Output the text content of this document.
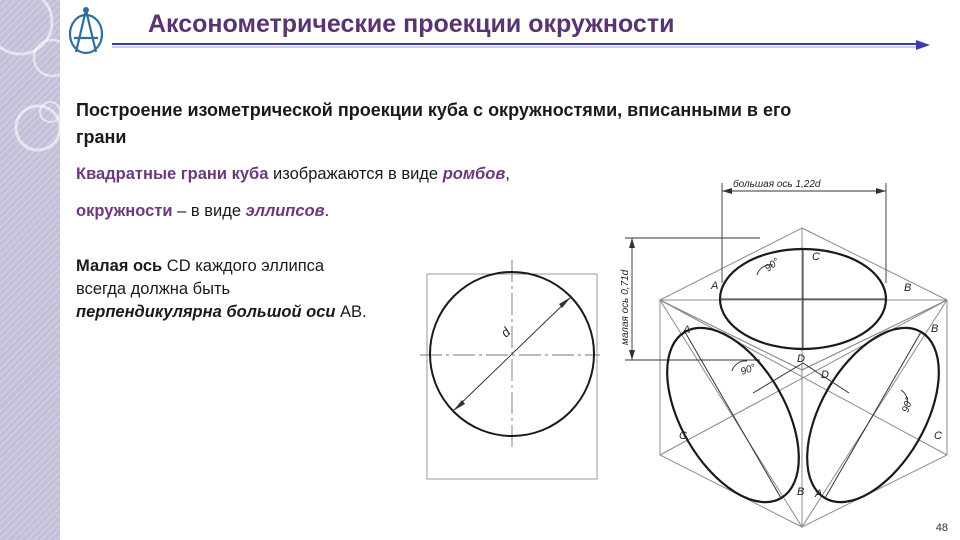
Аксонометрические проекции окружности

Построение изометрической проекции куба с окружностями, вписанными в его грани

Квадратные грани куба изображаются в виде ромбов,

окружности – в виде эллипсов.

Малая ось CD каждого эллипса всегда должна быть
перпендикулярна большой оси АВ.

d
большая ось 1,22d
малая ось 0,71d
90°
90°
90°
A	B
C
D
A	B
C	C
D
B A
48
